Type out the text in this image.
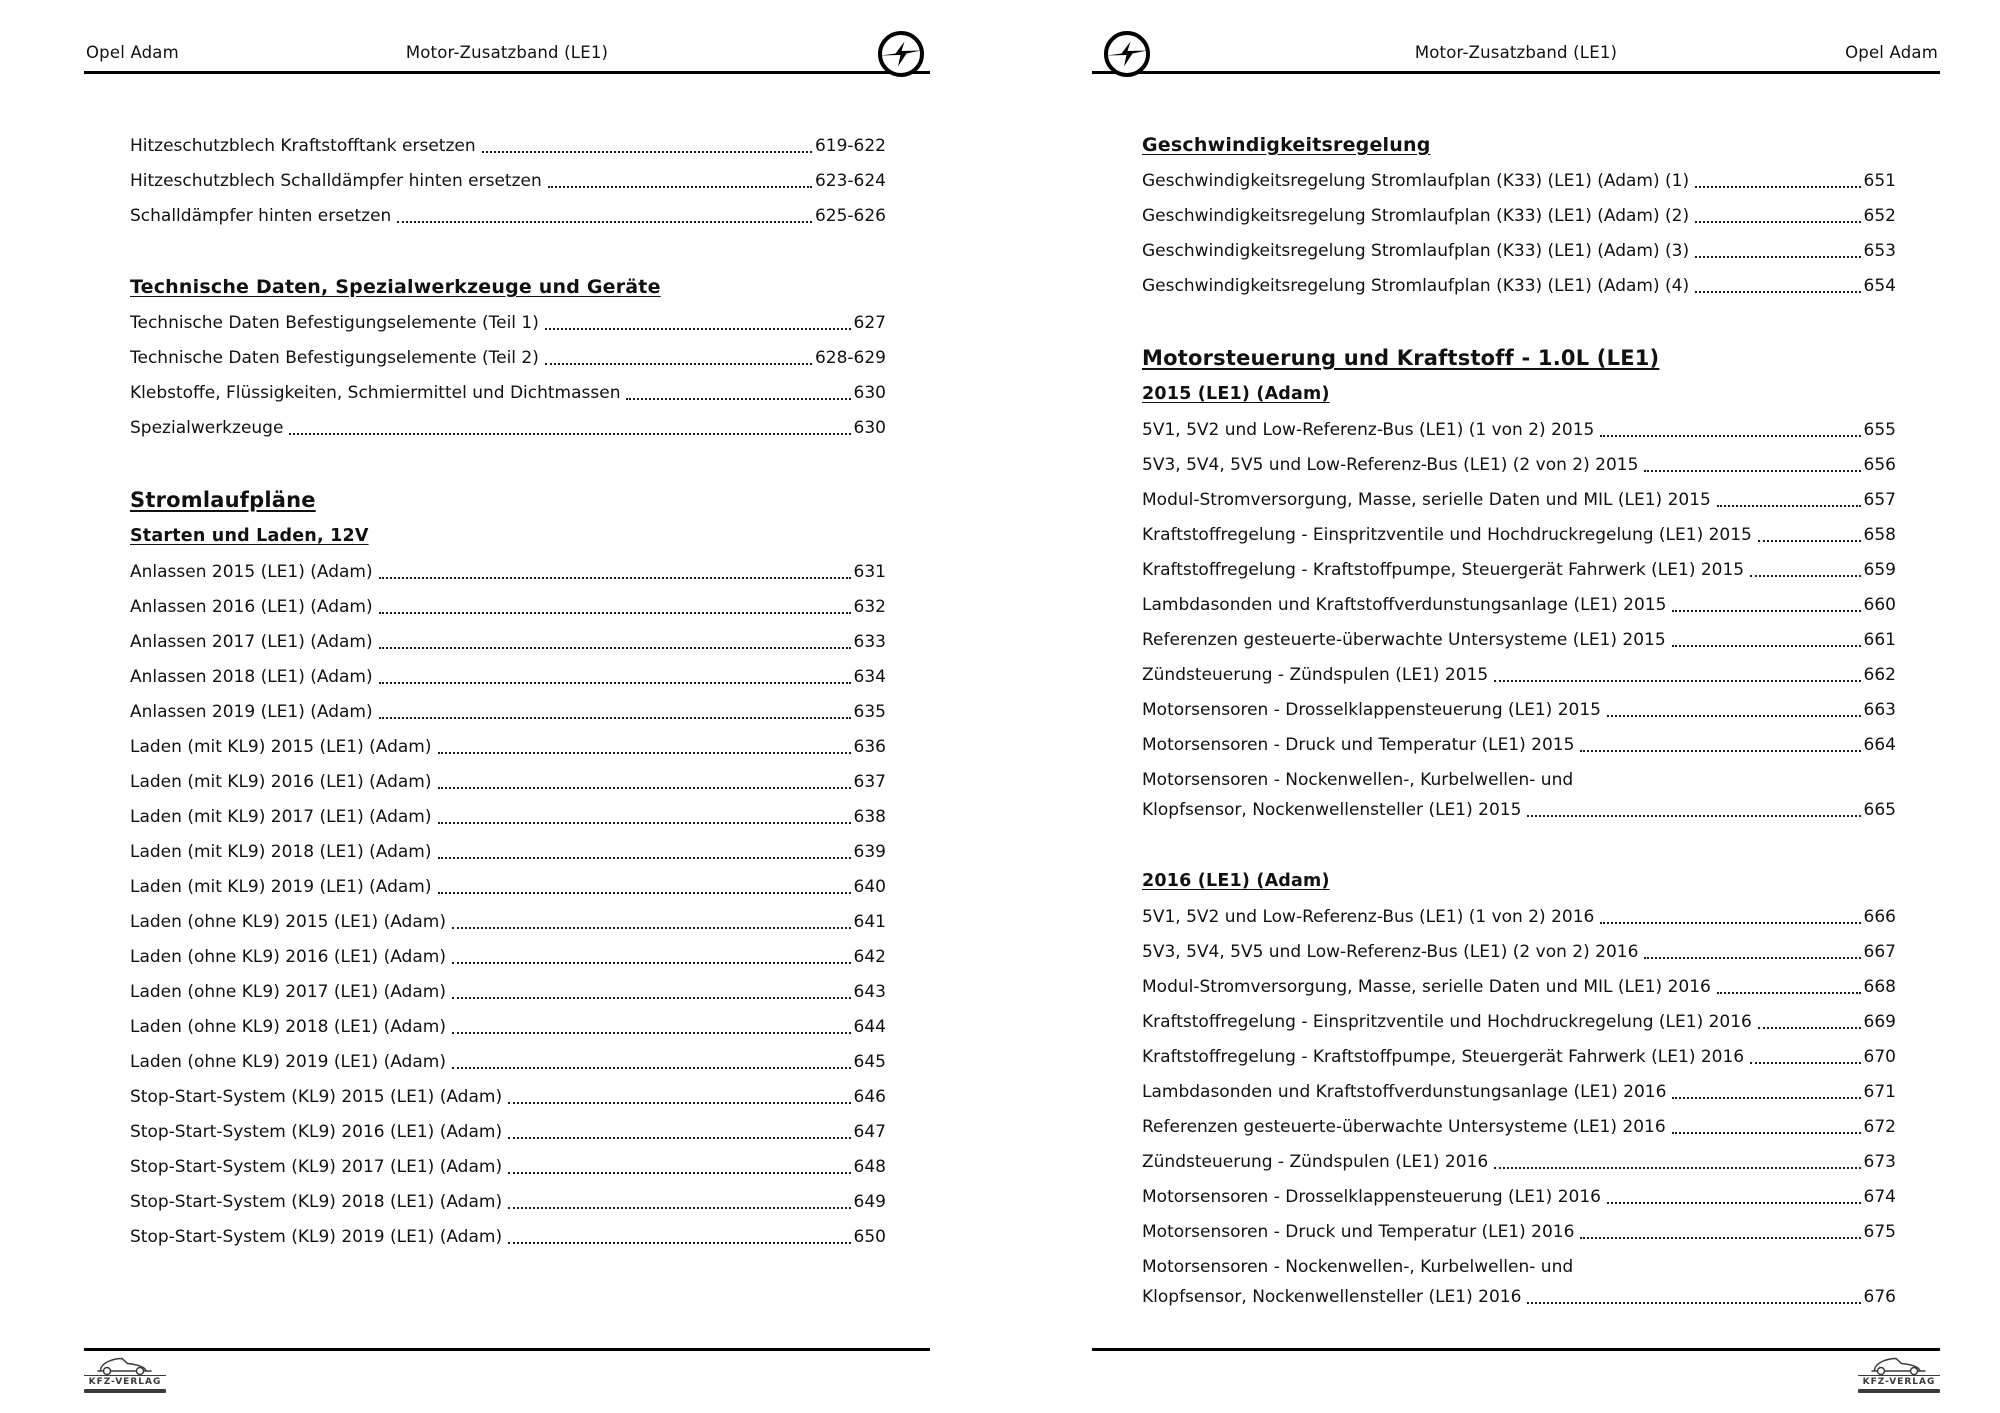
Opel Adam	Motor-Zusatzband (LE1)
Hitzeschutzblech Kraftstofftank ersetzen	619-622
Hitzeschutzblech Schalldämpfer hinten ersetzen	623-624
Schalldämpfer hinten ersetzen	625-626
Technische Daten, Spezialwerkzeuge und Geräte
Technische Daten Befestigungselemente (Teil 1)	627
Technische Daten Befestigungselemente (Teil 2)	628-629
Klebstoffe, Flüssigkeiten, Schmiermittel und Dichtmassen	630
Spezialwerkzeuge	630
Stromlaufpläne
Starten und Laden, 12V
Anlassen 2015 (LE1) (Adam)	631
Anlassen 2016 (LE1) (Adam)	632
Anlassen 2017 (LE1) (Adam)	633
Anlassen 2018 (LE1) (Adam)	634
Anlassen 2019 (LE1) (Adam)	635
Laden (mit KL9) 2015 (LE1) (Adam)	636
Laden (mit KL9) 2016 (LE1) (Adam)	637
Laden (mit KL9) 2017 (LE1) (Adam)	638
Laden (mit KL9) 2018 (LE1) (Adam)	639
Laden (mit KL9) 2019 (LE1) (Adam)	640
Laden (ohne KL9) 2015 (LE1) (Adam)	641
Laden (ohne KL9) 2016 (LE1) (Adam)	642
Laden (ohne KL9) 2017 (LE1) (Adam)	643
Laden (ohne KL9) 2018 (LE1) (Adam)	644
Laden (ohne KL9) 2019 (LE1) (Adam)	645
Stop-Start-System (KL9) 2015 (LE1) (Adam)	646
Stop-Start-System (KL9) 2016 (LE1) (Adam)	647
Stop-Start-System (KL9) 2017 (LE1) (Adam)	648
Stop-Start-System (KL9) 2018 (LE1) (Adam)	649
Stop-Start-System (KL9) 2019 (LE1) (Adam)	650
KFZ-VERLAG
Motor-Zusatzband (LE1)	Opel Adam
Geschwindigkeitsregelung
Geschwindigkeitsregelung Stromlaufplan (K33) (LE1) (Adam) (1)	651
Geschwindigkeitsregelung Stromlaufplan (K33) (LE1) (Adam) (2)	652
Geschwindigkeitsregelung Stromlaufplan (K33) (LE1) (Adam) (3)	653
Geschwindigkeitsregelung Stromlaufplan (K33) (LE1) (Adam) (4)	654
Motorsteuerung und Kraftstoff - 1.0L (LE1)
2015 (LE1) (Adam)
5V1, 5V2 und Low-Referenz-Bus (LE1) (1 von 2) 2015	655
5V3, 5V4, 5V5 und Low-Referenz-Bus (LE1) (2 von 2) 2015	656
Modul-Stromversorgung, Masse, serielle Daten und MIL (LE1) 2015	657
Kraftstoffregelung - Einspritzventile und Hochdruckregelung (LE1) 2015	658
Kraftstoffregelung - Kraftstoffpumpe, Steuergerät Fahrwerk (LE1) 2015	659
Lambdasonden und Kraftstoffverdunstungsanlage (LE1) 2015	660
Referenzen gesteuerte-überwachte Untersysteme (LE1) 2015	661
Zündsteuerung - Zündspulen (LE1) 2015	662
Motorsensoren - Drosselklappensteuerung (LE1) 2015	663
Motorsensoren - Druck und Temperatur (LE1) 2015	664
Motorsensoren - Nockenwellen-, Kurbelwellen- und
Klopfsensor, Nockenwellensteller (LE1) 2015	665
2016 (LE1) (Adam)
5V1, 5V2 und Low-Referenz-Bus (LE1) (1 von 2) 2016	666
5V3, 5V4, 5V5 und Low-Referenz-Bus (LE1) (2 von 2) 2016	667
Modul-Stromversorgung, Masse, serielle Daten und MIL (LE1) 2016	668
Kraftstoffregelung - Einspritzventile und Hochdruckregelung (LE1) 2016	669
Kraftstoffregelung - Kraftstoffpumpe, Steuergerät Fahrwerk (LE1) 2016	670
Lambdasonden und Kraftstoffverdunstungsanlage (LE1) 2016	671
Referenzen gesteuerte-überwachte Untersysteme (LE1) 2016	672
Zündsteuerung - Zündspulen (LE1) 2016	673
Motorsensoren - Drosselklappensteuerung (LE1) 2016	674
Motorsensoren - Druck und Temperatur (LE1) 2016	675
Motorsensoren - Nockenwellen-, Kurbelwellen- und
Klopfsensor, Nockenwellensteller (LE1) 2016	676
KFZ-VERLAG
